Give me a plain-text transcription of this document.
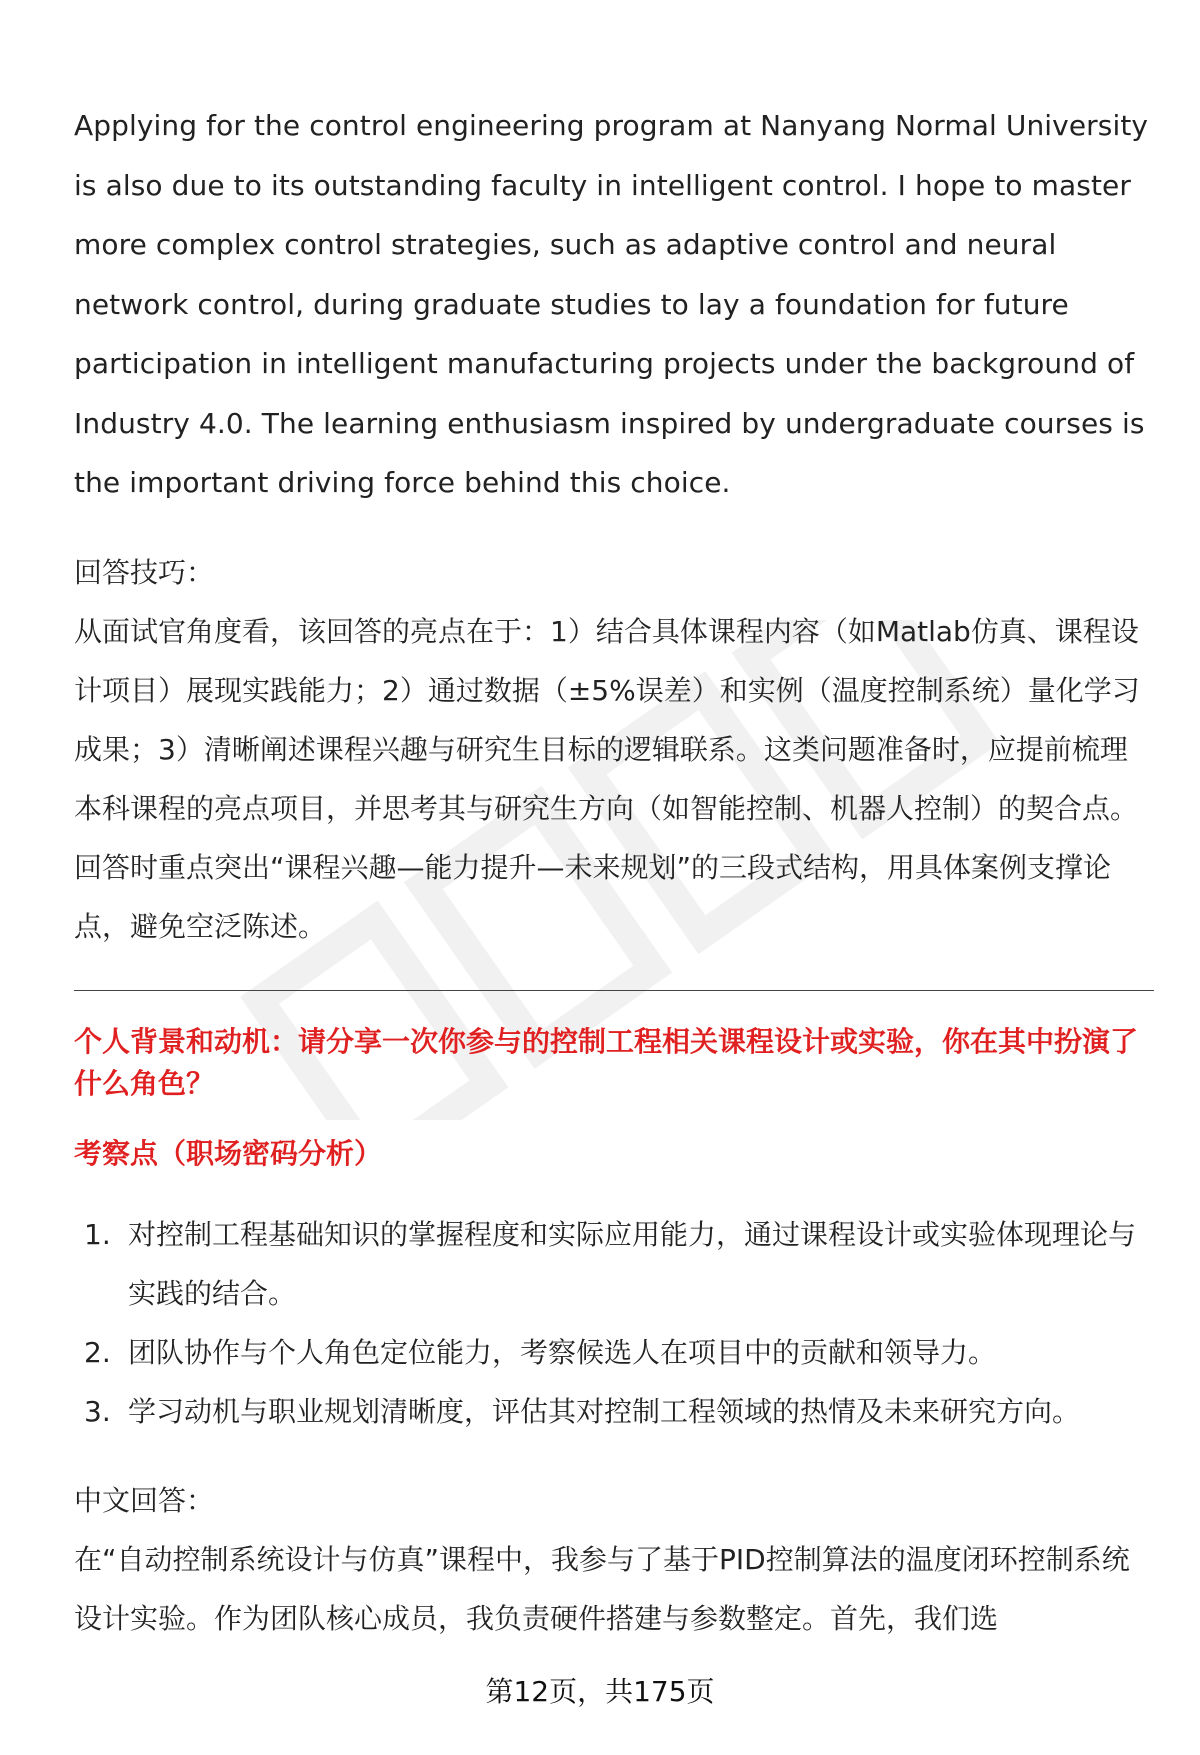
Applying for the control engineering program at Nanyang Normal University is also due to its outstanding faculty in intelligent control. I hope to master more complex control strategies, such as adaptive control and neural network control, during graduate studies to lay a foundation for future participation in intelligent manufacturing projects under the background of Industry 4.0. The learning enthusiasm inspired by undergraduate courses is the important driving force behind this choice.

回答技巧：

从面试官角度看，该回答的亮点在于：1）结合具体课程内容（如Matlab仿真、课程设计项目）展现实践能力；2）通过数据（±5%误差）和实例（温度控制系统）量化学习成果；3）清晰阐述课程兴趣与研究生目标的逻辑联系。这类问题准备时，应提前梳理本科课程的亮点项目，并思考其与研究生方向（如智能控制、机器人控制）的契合点。回答时重点突出“课程兴趣—能力提升—未来规划”的三段式结构，用具体案例支撑论点，避免空泛陈述。

个人背景和动机：请分享一次你参与的控制工程相关课程设计或实验，你在其中扮演了什么角色？
考察点（职场密码分析）
1. 对控制工程基础知识的掌握程度和实际应用能力，通过课程设计或实验体现理论与实践的结合。
2. 团队协作与个人角色定位能力，考察候选人在项目中的贡献和领导力。
3. 学习动机与职业规划清晰度，评估其对控制工程领域的热情及未来研究方向。

中文回答：

在“自动控制系统设计与仿真”课程中，我参与了基于PID控制算法的温度闭环控制系统设计实验。作为团队核心成员，我负责硬件搭建与参数整定。首先，我们选

第12页，共175页
